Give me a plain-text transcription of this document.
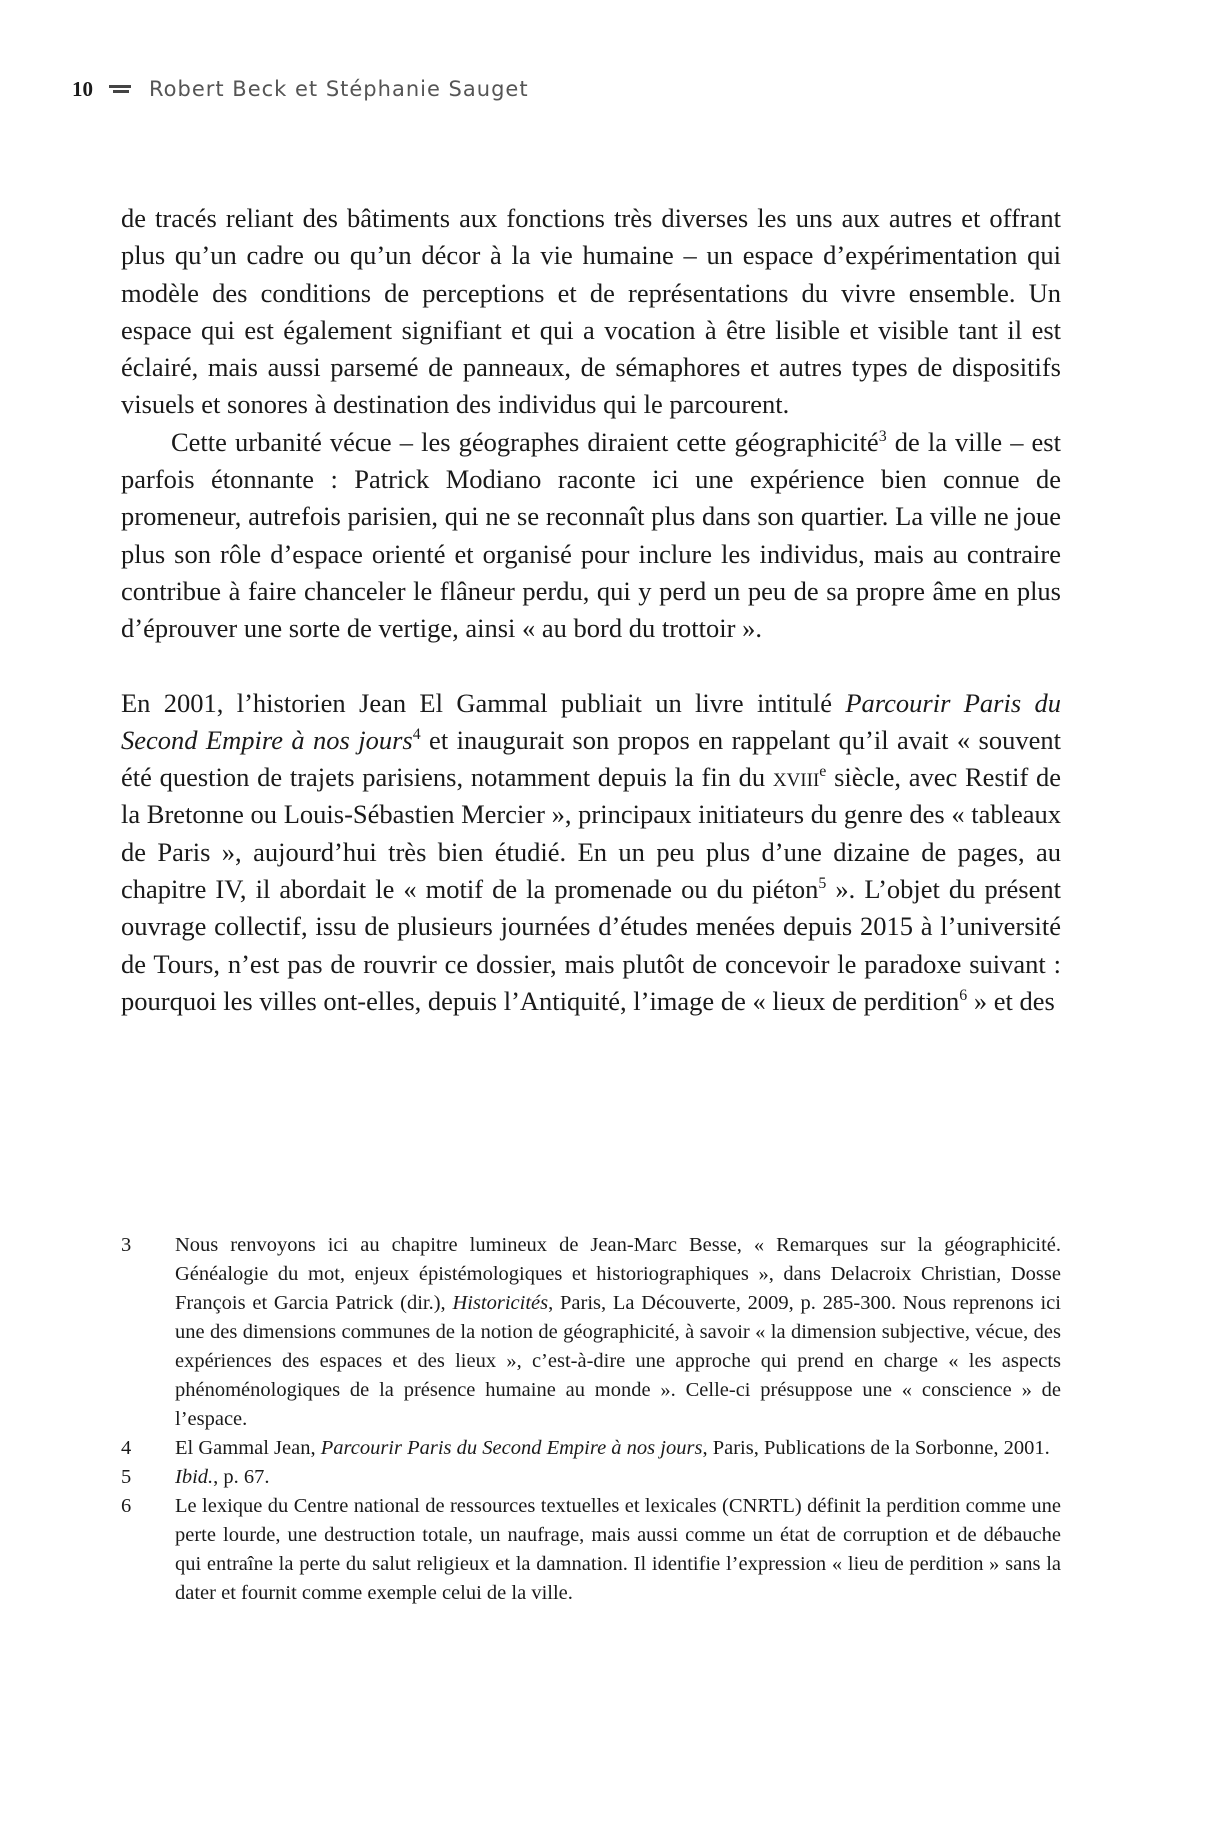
10	Robert Beck et Stéphanie Sauget

de tracés reliant des bâtiments aux fonctions très diverses les uns aux autres et offrant plus qu’un cadre ou qu’un décor à la vie humaine – un espace d’expérimentation qui modèle des conditions de perceptions et de représentations du vivre ensemble. Un espace qui est également signifiant et qui a vocation à être lisible et visible tant il est éclairé, mais aussi parsemé de panneaux, de sémaphores et autres types de dispositifs visuels et sonores à destination des individus qui le parcourent.

Cette urbanité vécue – les géographes diraient cette géographicité$^3$ de la ville – est parfois étonnante : Patrick Modiano raconte ici une expérience bien connue de promeneur, autrefois parisien, qui ne se reconnaît plus dans son quartier. La ville ne joue plus son rôle d’espace orienté et organisé pour inclure les individus, mais au contraire contribue à faire chanceler le flâneur perdu, qui y perd un peu de sa propre âme en plus d’éprouver une sorte de vertige, ainsi « au bord du trottoir ».

En 2001, l’historien Jean El Gammal publiait un livre intitulé Parcourir Paris du Second Empire à nos jours$^4$ et inaugurait son propos en rappelant qu’il avait « souvent été question de trajets parisiens, notamment depuis la fin du xviii$^e$ siècle, avec Restif de la Bretonne ou Louis-Sébastien Mercier », principaux initiateurs du genre des « tableaux de Paris », aujourd’hui très bien étudié. En un peu plus d’une dizaine de pages, au chapitre IV, il abordait le « motif de la promenade ou du piéton$^5$ ». L’objet du présent ouvrage collectif, issu de plusieurs journées d’études menées depuis 2015 à l’université de Tours, n’est pas de rouvrir ce dossier, mais plutôt de concevoir le paradoxe suivant : pourquoi les villes ont-elles, depuis l’Antiquité, l’image de « lieux de perdition$^6$ » et des

3	Nous renvoyons ici au chapitre lumineux de Jean-Marc Besse, « Remarques sur la géographicité. Généalogie du mot, enjeux épistémologiques et historiographiques », dans Delacroix Christian, Dosse François et Garcia Patrick (dir.), Historicités, Paris, La Découverte, 2009, p. 285-300. Nous reprenons ici une des dimensions communes de la notion de géographicité, à savoir « la dimension subjective, vécue, des expériences des espaces et des lieux », c’est-à-dire une approche qui prend en charge « les aspects phénoménologiques de la présence humaine au monde ». Celle-ci présuppose une « conscience » de l’espace.
4	El Gammal Jean, Parcourir Paris du Second Empire à nos jours, Paris, Publications de la Sorbonne, 2001.
5	Ibid., p. 67.
6	Le lexique du Centre national de ressources textuelles et lexicales (CNRTL) définit la perdition comme une perte lourde, une destruction totale, un naufrage, mais aussi comme un état de corruption et de débauche qui entraîne la perte du salut religieux et la damnation. Il identifie l’expression « lieu de perdition » sans la dater et fournit comme exemple celui de la ville.
